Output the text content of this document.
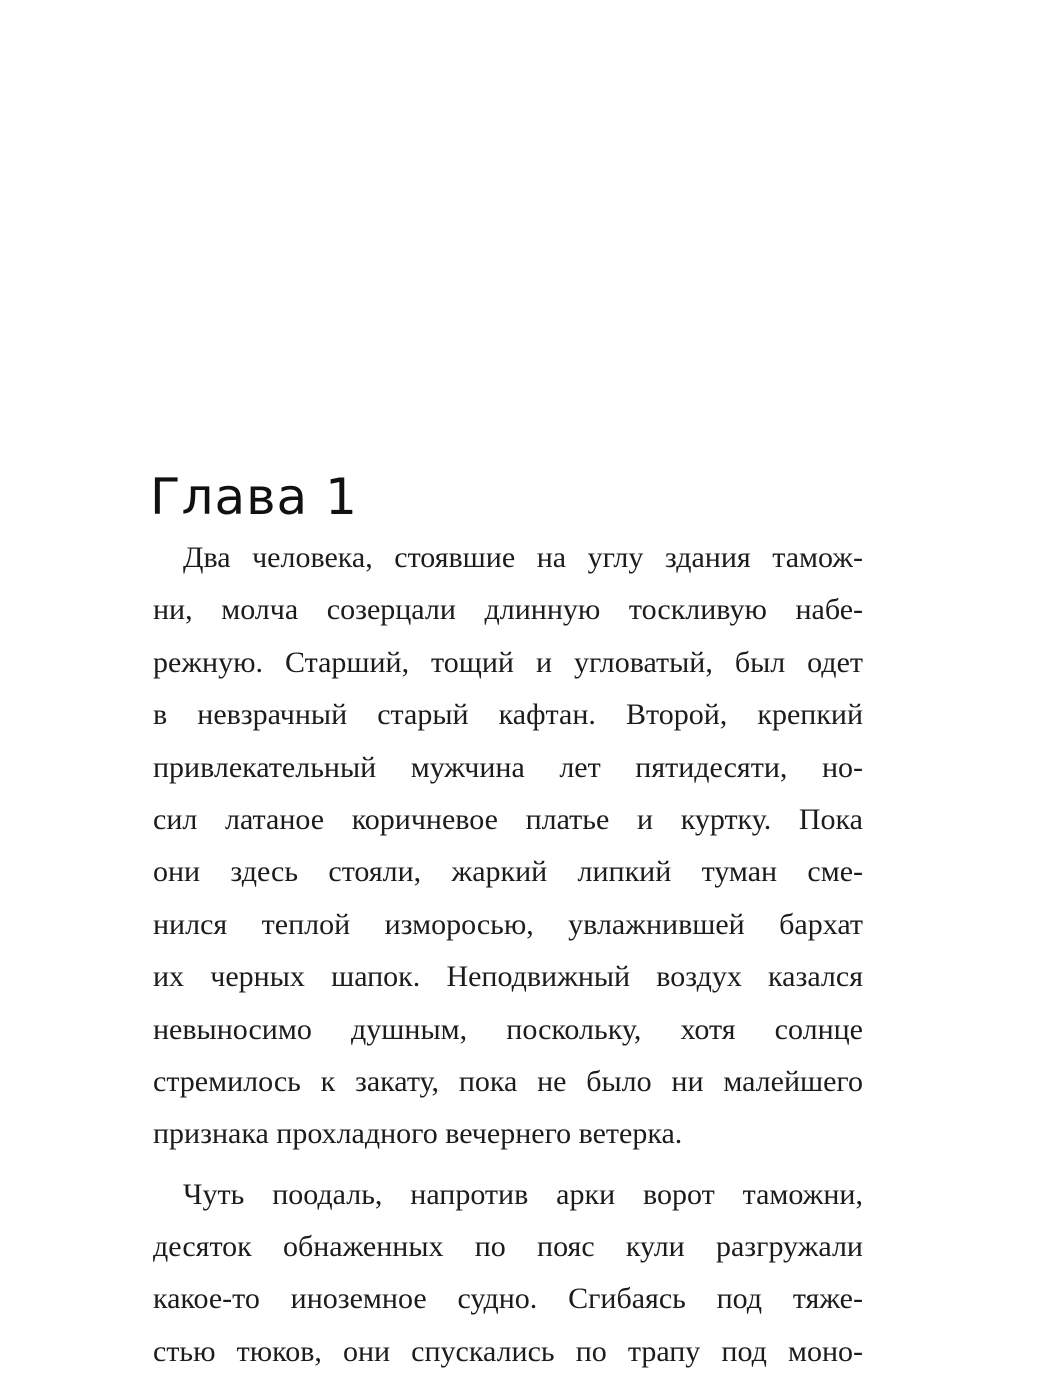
Глава 1
Два человека, стоявшие на углу здания тамож-
ни, молча созерцали длинную тоскливую набе-
режную. Старший, тощий и угловатый, был одет
в невзрачный старый кафтан. Второй, крепкий
привлекательный мужчина лет пятидесяти, но-
сил латаное коричневое платье и куртку. Пока
они здесь стояли, жаркий липкий туман сме-
нился теплой изморосью, увлажнившей бархат
их черных шапок. Неподвижный воздух казался
невыносимо душным, поскольку, хотя солнце
стремилось к закату, пока не было ни малейшего
признака прохладного вечернего ветерка.
Чуть поодаль, напротив арки ворот таможни,
десяток обнаженных по пояс кули разгружали
какое-то иноземное судно. Сгибаясь под тяже-
стью тюков, они спускались по трапу под моно-
